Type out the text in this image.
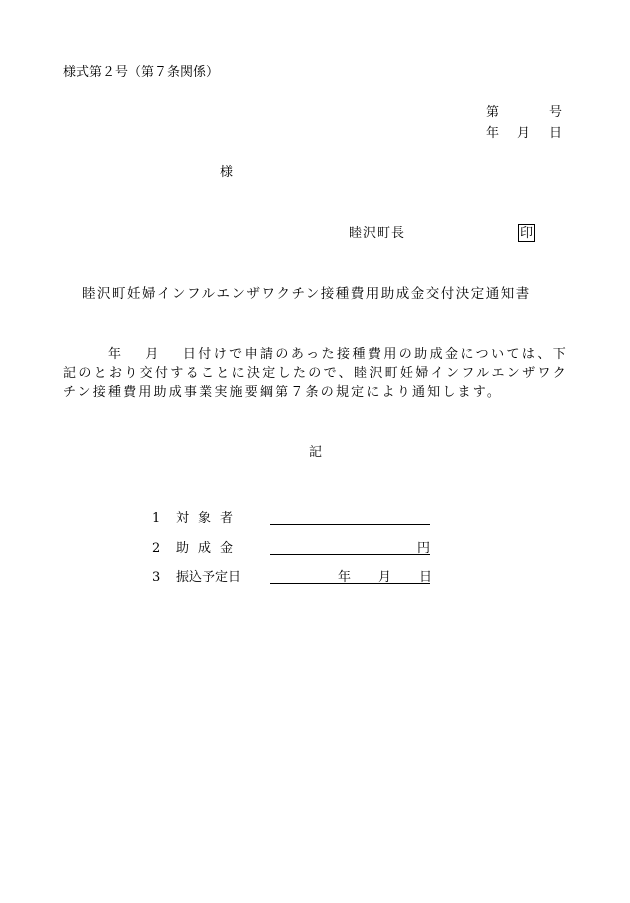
様式第２号（第７条関係）
第	号
年 月 日
様
睦沢町長	印
睦沢町妊婦インフルエンザワクチン接種費用助成金交付決定通知書
年　 月　 日付けで申請のあった接種費用の助成金については、下記のとおり交付することに決定したので、睦沢町妊婦インフルエンザワクチン接種費用助成事業実施要綱第７条の規定により通知します。
記
1 対 象 者
2 助 成 金	円
3 振込予定日	年 月 日
